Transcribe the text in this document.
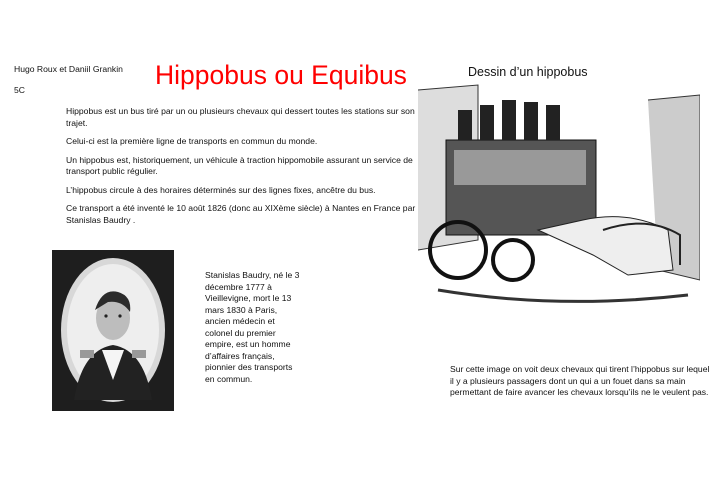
Hugo Roux et Daniil Grankin
5C	Hippobus ou Equibus

Hippobus est un bus tiré par un ou plusieurs chevaux qui dessert toutes les stations sur son trajet.

Celui-ci est la première ligne de transports en commun du monde.

Un hippobus est, historiquement, un véhicule à traction hippomobile assurant un service de transport public régulier.

L’hippobus circule à des horaires déterminés sur des lignes fixes, ancêtre du bus.

Ce transport a été inventé le 10 août 1826 (donc au XIXème siècle) à Nantes en France par Stanislas Baudry .

Stanislas Baudry, né le 3 décembre 1777 à Vieillevigne, mort le 13 mars 1830 à Paris, ancien médecin et colonel du premier empire, est un homme d’affaires français, pionnier des transports en commun.
Dessin d’un hippobus
Sur cette image on voit deux chevaux qui tirent l’hippobus sur lequel il y a plusieurs passagers dont un qui a un fouet dans sa main permettant de faire avancer les chevaux lorsqu’ils ne le veulent pas.
